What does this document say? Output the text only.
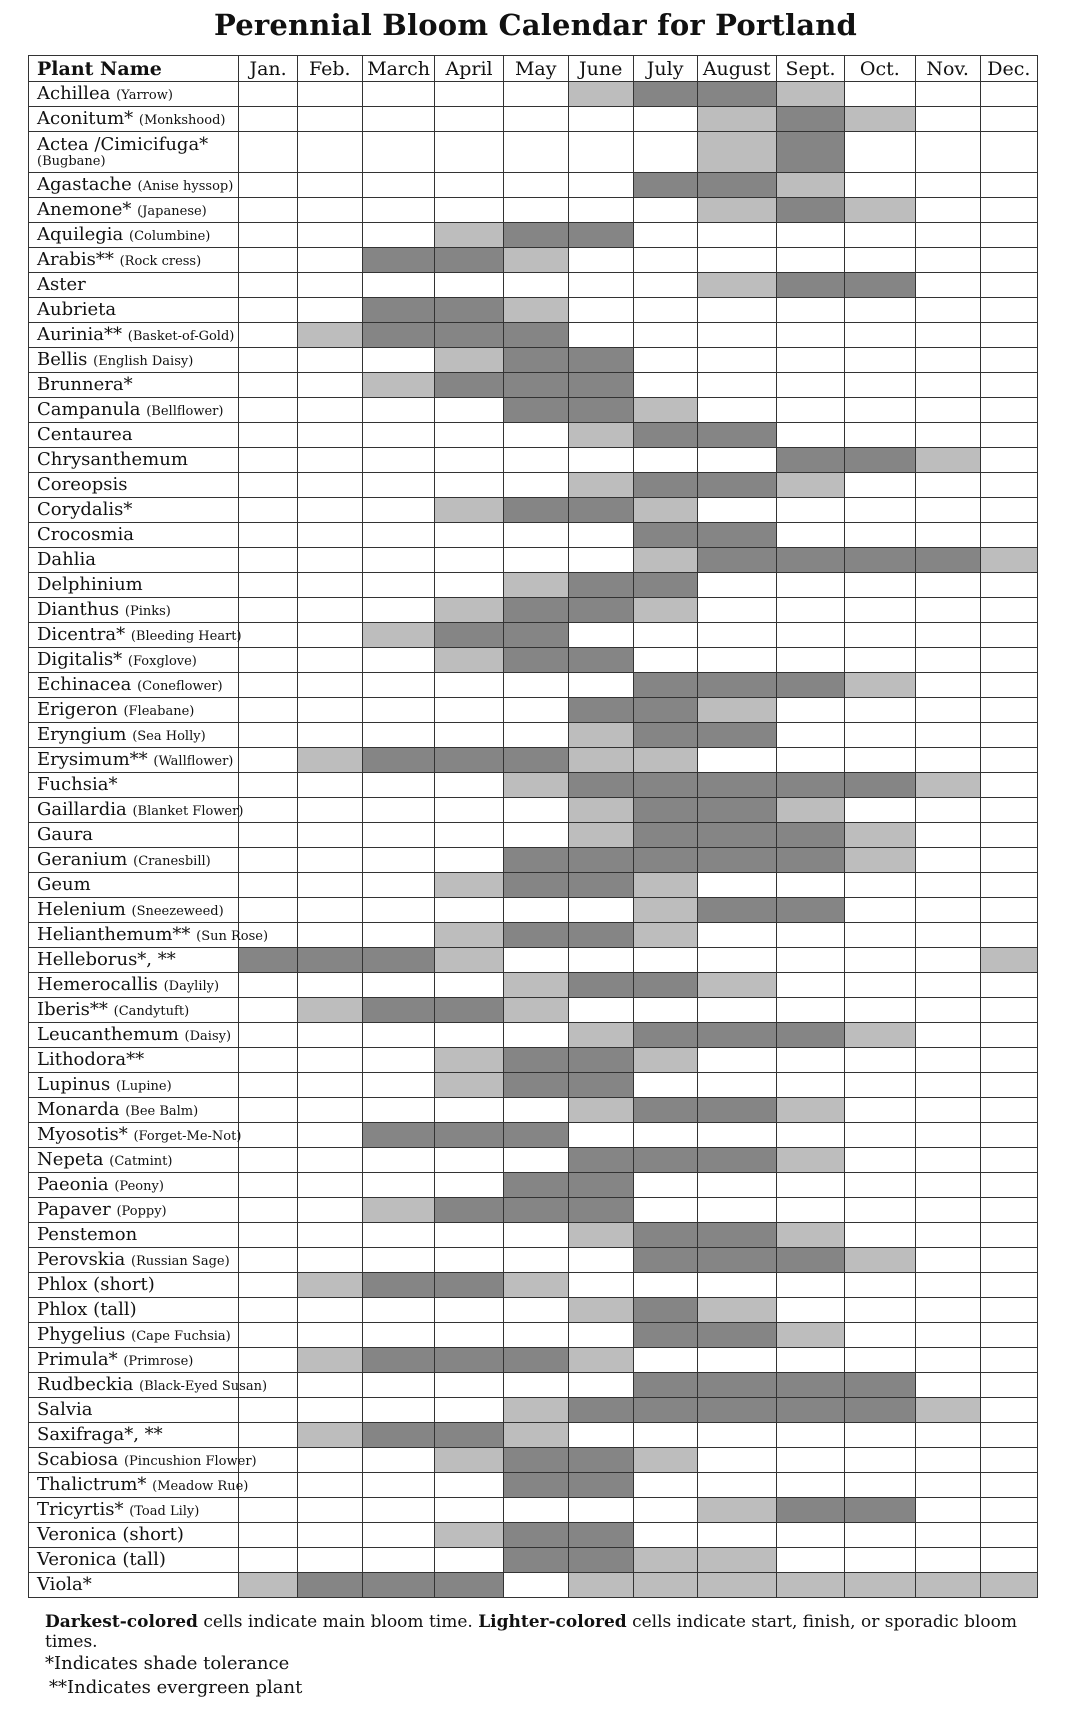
Perennial Bloom Calendar for Portland
Plant Name	Jan.	Feb.	March	April	May	June	July	August	Sept.	Oct.	Nov.	Dec.
Achillea (Yarrow)												
Aconitum* (Monkshood)												
Actea /Cimicifuga*
(Bugbane)												

Agastache (Anise hyssop)												
Anemone* (Japanese)												
Aquilegia (Columbine)												
Arabis** (Rock cress)												
Aster												
Aubrieta												
Aurinia** (Basket-of-Gold)												
Bellis (English Daisy)												
Brunnera*												
Campanula (Bellflower)												
Centaurea												
Chrysanthemum												
Coreopsis												
Corydalis*												
Crocosmia												
Dahlia												
Delphinium												
Dianthus (Pinks)												
Dicentra* (Bleeding Heart)												
Digitalis* (Foxglove)												
Echinacea (Coneflower)												
Erigeron (Fleabane)												
Eryngium (Sea Holly)												
Erysimum** (Wallflower)												
Fuchsia*												
Gaillardia (Blanket Flower)												
Gaura												
Geranium (Cranesbill)												
Geum												
Helenium (Sneezeweed)												
Helianthemum** (Sun Rose)												
Helleborus*, **												
Hemerocallis (Daylily)												
Iberis** (Candytuft)												
Leucanthemum (Daisy)												
Lithodora**												
Lupinus (Lupine)												
Monarda (Bee Balm)												
Myosotis* (Forget-Me-Not)												
Nepeta (Catmint)												
Paeonia (Peony)												
Papaver (Poppy)												
Penstemon												
Perovskia (Russian Sage)												
Phlox (short)												
Phlox (tall)												
Phygelius (Cape Fuchsia)												
Primula* (Primrose)												
Rudbeckia (Black-Eyed Susan)												
Salvia												
Saxifraga*, **												
Scabiosa (Pincushion Flower)												
Thalictrum* (Meadow Rue)												
Tricyrtis* (Toad Lily)												
Veronica (short)												
Veronica (tall)												
Viola*												
Darkest-colored cells indicate main bloom time. Lighter-colored cells indicate start, finish, or sporadic bloom times.
*Indicates shade tolerance
**Indicates evergreen plant
